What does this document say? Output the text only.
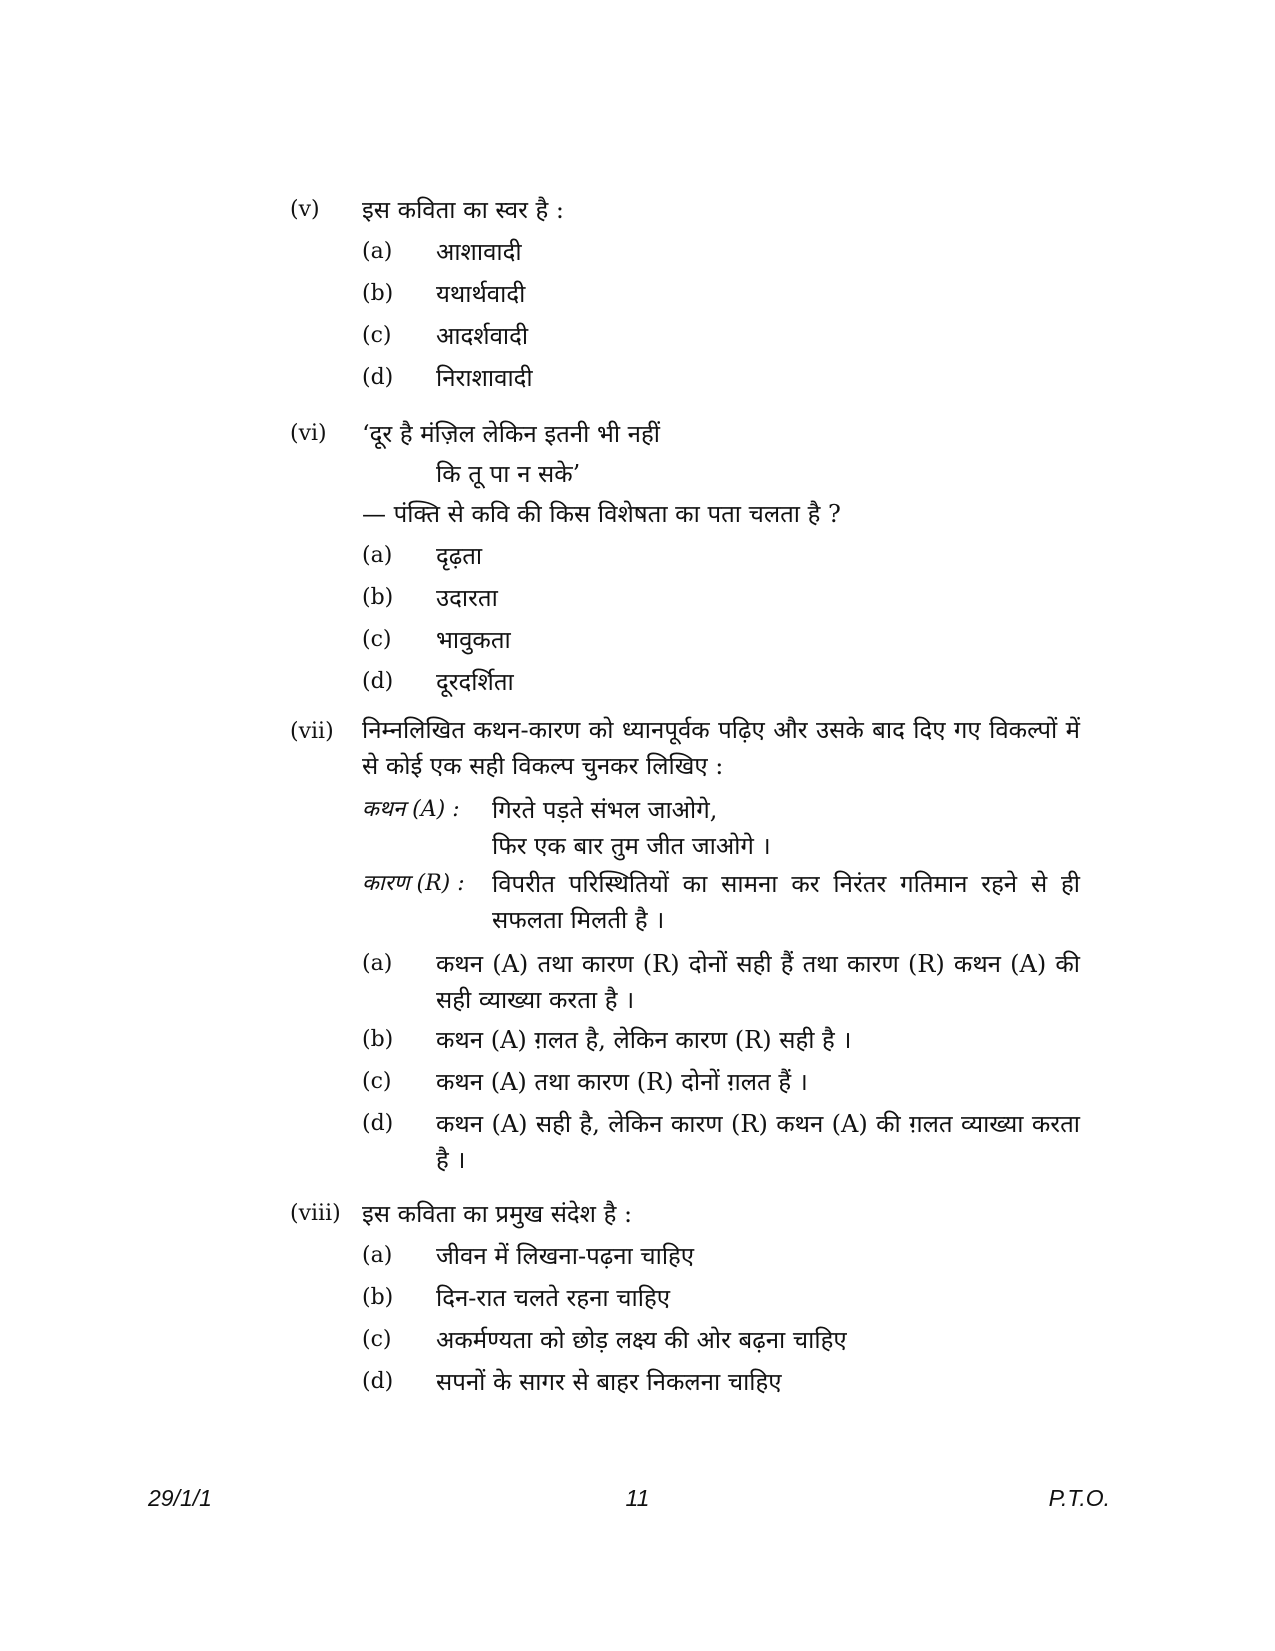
(v) इस कविता का स्वर है :
(a) आशावादी
(b) यथार्थवादी
(c) आदर्शवादी
(d) निराशावादी
(vi) ‘दूर है मंज़िल लेकिन इतनी भी नहीं
कि तू पा न सके’
— पंक्ति से कवि की किस विशेषता का पता चलता है ?
(a) दृढ़ता
(b) उदारता
(c) भावुकता
(d) दूरदर्शिता
(vii) निम्नलिखित कथन-कारण को ध्यानपूर्वक पढ़िए और उसके बाद दिए गए विकल्पों में से कोई एक सही विकल्प चुनकर लिखिए :
कथन (A) : गिरते पड़ते संभल जाओगे,
फिर एक बार तुम जीत जाओगे ।
कारण (R) : विपरीत परिस्थितियों का सामना कर निरंतर गतिमान रहने से ही सफलता मिलती है ।
(a) कथन (A) तथा कारण (R) दोनों सही हैं तथा कारण (R) कथन (A) की सही व्याख्या करता है ।
(b) कथन (A) ग़लत है, लेकिन कारण (R) सही है ।
(c) कथन (A) तथा कारण (R) दोनों ग़लत हैं ।
(d) कथन (A) सही है, लेकिन कारण (R) कथन (A) की ग़लत व्याख्या करता है ।
(viii) इस कविता का प्रमुख संदेश है :
(a) जीवन में लिखना-पढ़ना चाहिए
(b) दिन-रात चलते रहना चाहिए
(c) अकर्मण्यता को छोड़ लक्ष्य की ओर बढ़ना चाहिए
(d) सपनों के सागर से बाहर निकलना चाहिए
29/1/1	11	P.T.O.
